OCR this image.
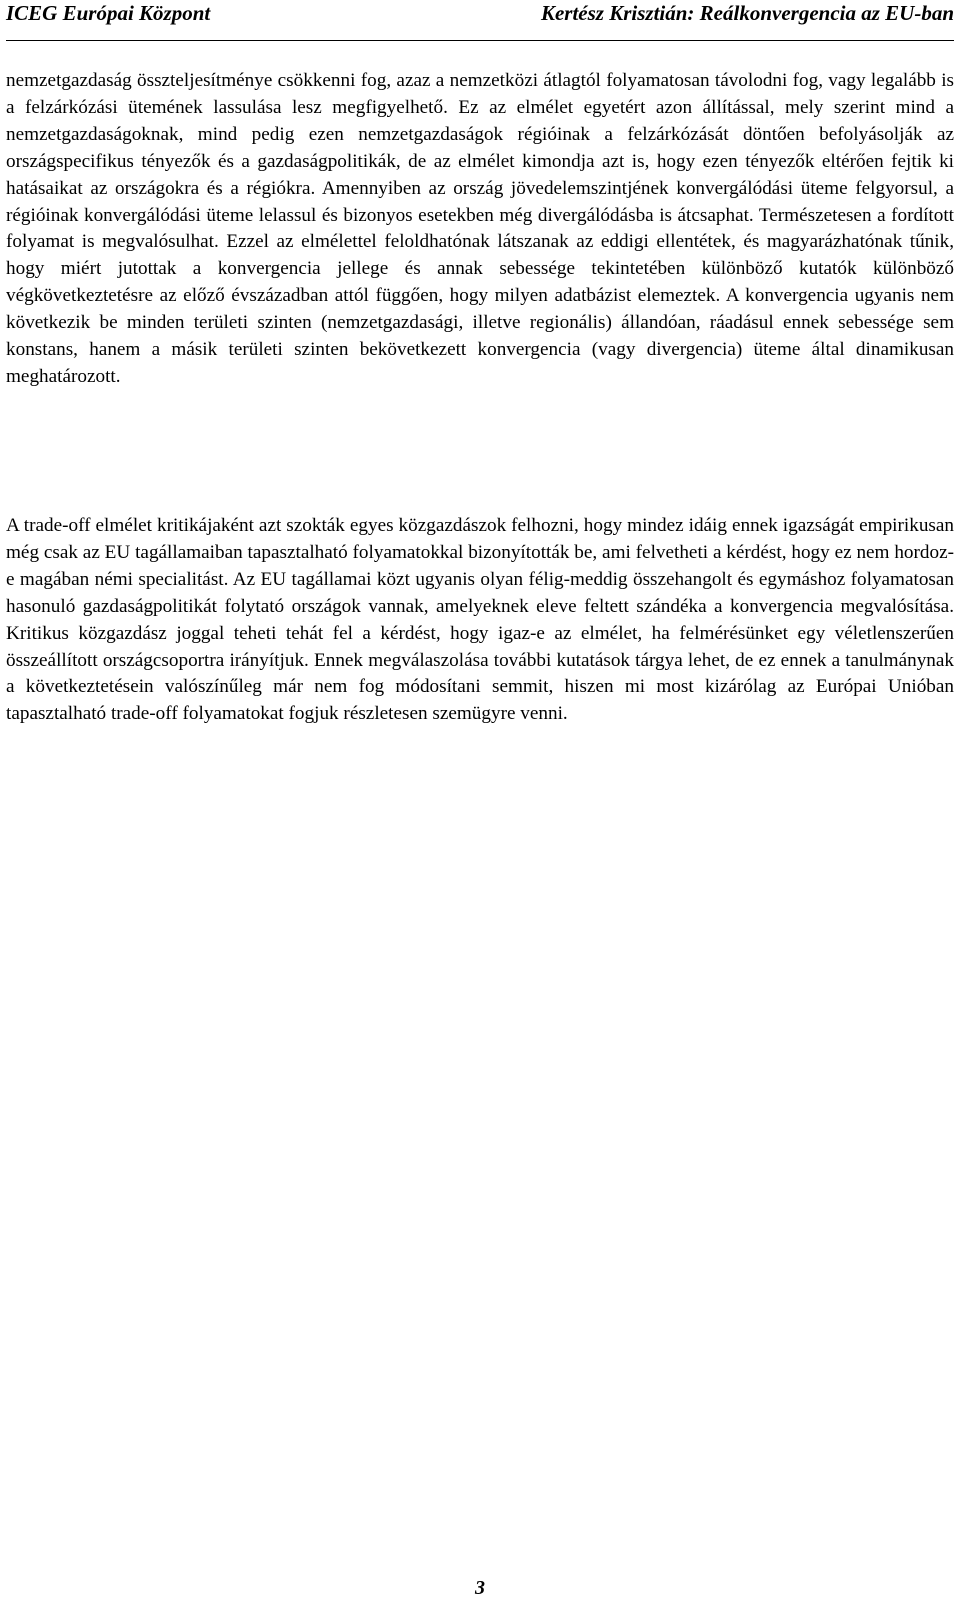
ICEG Európai Központ	Kertész Krisztián: Reálkonvergencia az EU-ban

nemzetgazdaság összteljesítménye csökkenni fog, azaz a nemzetközi átlagtól folyamatosan távolodni fog, vagy legalább is a felzárkózási ütemének lassulása lesz megfigyelhető. Ez az elmélet egyetért azon állítással, mely szerint mind a nemzetgazdaságoknak, mind pedig ezen nemzetgazdaságok régióinak a felzárkózását döntően befolyásolják az országspecifikus tényezők és a gazdaságpolitikák, de az elmélet kimondja azt is, hogy ezen tényezők eltérően fejtik ki hatásaikat az országokra és a régiókra. Amennyiben az ország jövedelemszintjének konvergálódási üteme felgyorsul, a régióinak konvergálódási üteme lelassul és bizonyos esetekben még divergálódásba is átcsaphat. Természetesen a fordított folyamat is megvalósulhat. Ezzel az elmélettel feloldhatónak látszanak az eddigi ellentétek, és magyarázhatónak tűnik, hogy miért jutottak a konvergencia jellege és annak sebessége tekintetében különböző kutatók különböző végkövetkeztetésre az előző évszázadban attól függően, hogy milyen adatbázist elemeztek. A konvergencia ugyanis nem következik be minden területi szinten (nemzetgazdasági, illetve regionális) állandóan, ráadásul ennek sebessége sem konstans, hanem a másik területi szinten bekövetkezett konvergencia (vagy divergencia) üteme által dinamikusan meghatározott.

A trade-off elmélet kritikájaként azt szokták egyes közgazdászok felhozni, hogy mindez idáig ennek igazságát empirikusan még csak az EU tagállamaiban tapasztalható folyamatokkal bizonyították be, ami felvetheti a kérdést, hogy ez nem hordoz-e magában némi specialitást. Az EU tagállamai közt ugyanis olyan félig-meddig összehangolt és egymáshoz folyamatosan hasonuló gazdaságpolitikát folytató országok vannak, amelyeknek eleve feltett szándéka a konvergencia megvalósítása. Kritikus közgazdász joggal teheti tehát fel a kérdést, hogy igaz-e az elmélet, ha felmérésünket egy véletlenszerűen összeállított országcsoportra irányítjuk. Ennek megválaszolása további kutatások tárgya lehet, de ez ennek a tanulmánynak a következtetésein valószínűleg már nem fog módosítani semmit, hiszen mi most kizárólag az Európai Unióban tapasztalható trade-off folyamatokat fogjuk részletesen szemügyre venni.

3
